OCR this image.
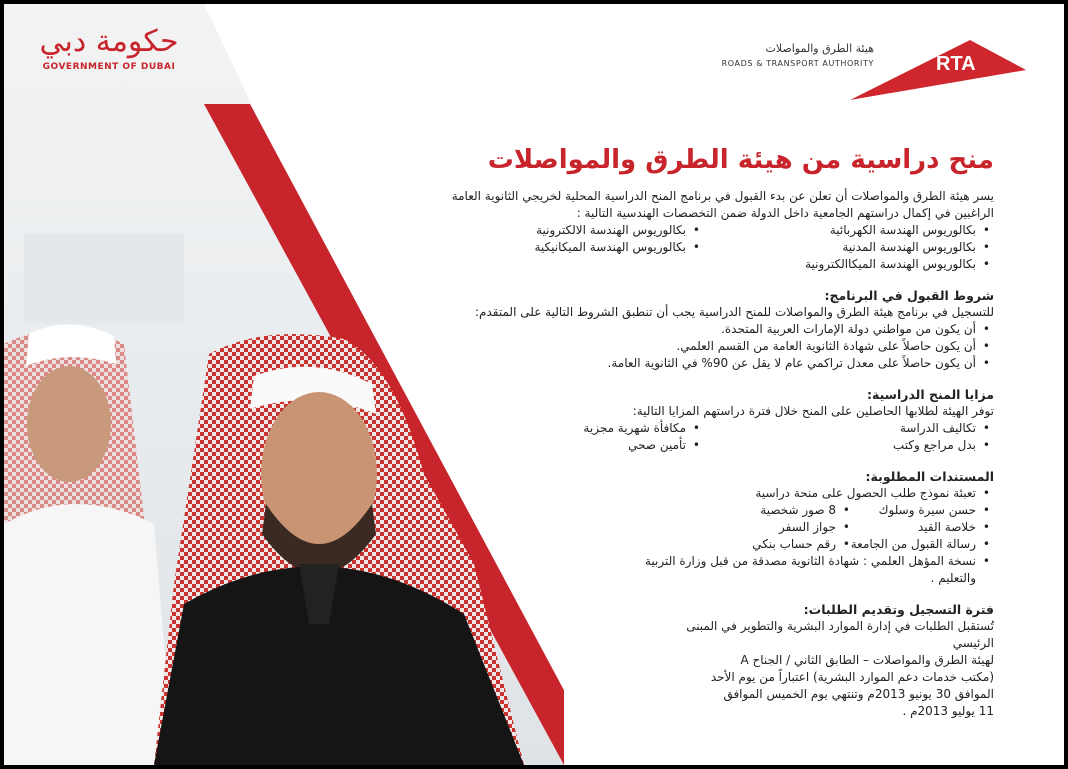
حكومة دبي
GOVERNMENT OF DUBAI
هيئة الطرق والمواصلات
ROADS & TRANSPORT AUTHORITY	RTA
منح دراسية من هيئة الطرق والمواصلات

يسر هيئة الطرق والمواصلات أن تعلن عن بدء القبول في برنامج المنح الدراسية المحلية لخريجي الثانوية العامة الراغبين في إكمال دراستهم الجامعية داخل الدولة ضمن التخصصات الهندسية التالية :

• بكالوريوس الهندسة الكهربائية
• بكالوريوس الهندسة الالكترونية
• بكالوريوس الهندسة المدنية
• بكالوريوس الهندسة الميكانيكية
• بكالوريوس الهندسة الميكاالكترونية
شروط القبول في البرنامج:

للتسجيل في برنامج هيئة الطرق والمواصلات للمنح الدراسية يجب أن تنطبق الشروط التالية على المتقدم:

• أن يكون من مواطني دولة الإمارات العربية المتحدة.
• أن يكون حاصلاً على شهادة الثانوية العامة من القسم العلمي.
• أن يكون حاصلاً على معدل تراكمي عام لا يقل عن 90% في الثانوية العامة.
مزايا المنح الدراسية:

توفر الهيئة لطلابها الحاصلين على المنح خلال فترة دراستهم المزايا التالية:

• تكاليف الدراسة
• مكافأة شهرية مجزية
• بدل مراجع وكتب
• تأمين صحي
المستندات المطلوبة:
• تعبئة نموذج طلب الحصول على منحة دراسية
• حسن سيرة وسلوك
• 8 صور شخصية
• خلاصة القيد
• جواز السفر
• رسالة القبول من الجامعة
• رقم حساب بنكي
• نسخة المؤهل العلمي : شهادة الثانوية مصدقة من قبل وزارة التربية والتعليم .
فترة التسجيل وتقديم الطلبات:
تُستقبل الطلبات في إدارة الموارد البشرية والتطوير في المبنى الرئيسي
لهيئة الطرق والمواصلات – الطابق الثاني / الجناح A
(مكتب خدمات دعم الموارد البشرية) اعتباراً من يوم الأحد
الموافق 30 يونيو 2013م وتنتهي يوم الخميس الموافق
11 يوليو 2013م .
